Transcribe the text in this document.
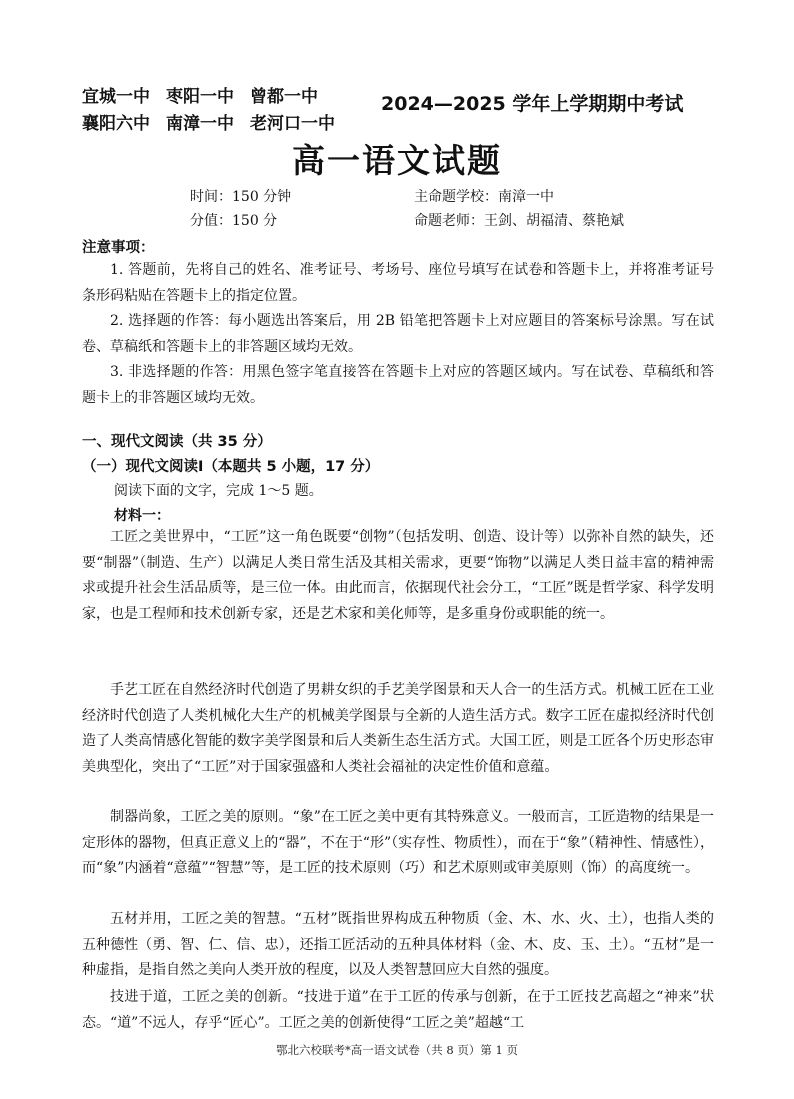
宜城一中 枣阳一中 曾都一中
襄阳六中 南漳一中 老河口一中
2024—2025 学年上学期期中考试
高一语文试题
时间：150 分钟
分值：150 分
主命题学校：南漳一中
命题老师：王剑、胡福清、蔡艳斌
注意事项：

1. 答题前，先将自己的姓名、准考证号、考场号、座位号填写在试卷和答题卡上，并将准考证号条形码粘贴在答题卡上的指定位置。

2. 选择题的作答：每小题选出答案后，用 2B 铅笔把答题卡上对应题目的答案标号涂黑。写在试卷、草稿纸和答题卡上的非答题区域均无效。

3. 非选择题的作答：用黑色签字笔直接答在答题卡上对应的答题区域内。写在试卷、草稿纸和答题卡上的非答题区域均无效。

一、现代文阅读（共 35 分）
（一）现代文阅读Ⅰ（本题共 5 小题，17 分）
阅读下面的文字，完成 1～5 题。
材料一：

工匠之美世界中，“工匠”这一角色既要“创物”（包括发明、创造、设计等）以弥补自然的缺失，还要“制器”（制造、生产）以满足人类日常生活及其相关需求，更要“饰物”以满足人类日益丰富的精神需求或提升社会生活品质等，是三位一体。由此而言，依据现代社会分工，“工匠”既是哲学家、科学发明家，也是工程师和技术创新专家，还是艺术家和美化师等，是多重身份或职能的统一。

手艺工匠在自然经济时代创造了男耕女织的手艺美学图景和天人合一的生活方式。机械工匠在工业经济时代创造了人类机械化大生产的机械美学图景与全新的人造生活方式。数字工匠在虚拟经济时代创造了人类高情感化智能的数字美学图景和后人类新生态生活方式。大国工匠，则是工匠各个历史形态审美典型化，突出了“工匠”对于国家强盛和人类社会福祉的决定性价值和意蕴。

制器尚象，工匠之美的原则。“象”在工匠之美中更有其特殊意义。一般而言，工匠造物的结果是一定形体的器物，但真正意义上的“器”，不在于“形”（实存性、物质性），而在于“象”（精神性、情感性），而“象”内涵着“意蕴”“智慧”等，是工匠的技术原则（巧）和艺术原则或审美原则（饰）的高度统一。

五材并用，工匠之美的智慧。“五材”既指世界构成五种物质（金、木、水、火、土），也指人类的五种德性（勇、智、仁、信、忠），还指工匠活动的五种具体材料（金、木、皮、玉、土）。“五材”是一种虚指，是指自然之美向人类开放的程度，以及人类智慧回应大自然的强度。

技进于道，工匠之美的创新。“技进于道”在于工匠的传承与创新，在于工匠技艺高超之“神来”状态。“道”不远人，存乎“匠心”。工匠之美的创新使得“工匠之美”超越“工

鄂北六校联考*高一语文试卷（共 8 页）第 1 页
